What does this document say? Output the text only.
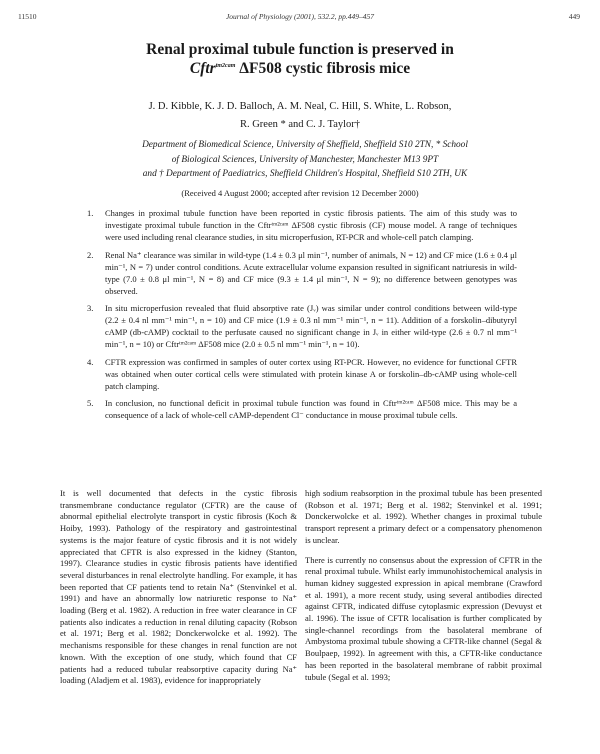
11510	Journal of Physiology (2001), 532.2, pp.449–457	449
Renal proximal tubule function is preserved in
Cftr$^{tm2cam}$ ΔF508 cystic fibrosis mice
J. D. Kibble, K. J. D. Balloch, A. M. Neal, C. Hill, S. White, L. Robson,
R. Green * and C. J. Taylor†
Department of Biomedical Science, University of Sheffield, Sheffield S10 2TN, * School
of Biological Sciences, University of Manchester, Manchester M13 9PT
and † Department of Paediatrics, Sheffield Children's Hospital, Sheffield S10 2TH, UK
(Received 4 August 2000; accepted after revision 12 December 2000)
1. Changes in proximal tubule function have been reported in cystic fibrosis patients. The aim of this study was to investigate proximal tubule function in the Cftrᵗᵐ²ᶜᵃᵐ ΔF508 cystic fibrosis (CF) mouse model. A range of techniques were used including renal clearance studies, in situ microperfusion, RT-PCR and whole-cell patch clamping.
2. Renal Na⁺ clearance was similar in wild-type (1.4 ± 0.3 μl min⁻¹, number of animals, N = 12) and CF mice (1.6 ± 0.4 μl min⁻¹, N = 7) under control conditions. Acute extracellular volume expansion resulted in significant natriuresis in wild-type (7.0 ± 0.8 μl min⁻¹, N = 8) and CF mice (9.3 ± 1.4 μl min⁻¹, N = 9); no difference between genotypes was observed.
3. In situ microperfusion revealed that fluid absorptive rate (Jᵥ) was similar under control conditions between wild-type (2.2 ± 0.4 nl mm⁻¹ min⁻¹, n = 10) and CF mice (1.9 ± 0.3 nl mm⁻¹ min⁻¹, n = 11). Addition of a forskolin–dibutyryl cAMP (db-cAMP) cocktail to the perfusate caused no significant change in Jᵥ in either wild-type (2.6 ± 0.7 nl mm⁻¹ min⁻¹, n = 10) or Cftrᵗᵐ²ᶜᵃᵐ ΔF508 mice (2.0 ± 0.5 nl mm⁻¹ min⁻¹, n = 10).
4. CFTR expression was confirmed in samples of outer cortex using RT-PCR. However, no evidence for functional CFTR was obtained when outer cortical cells were stimulated with protein kinase A or forskolin–db-cAMP using whole-cell patch clamping.
5. In conclusion, no functional deficit in proximal tubule function was found in Cftrᵗᵐ²ᶜᵃᵐ ΔF508 mice. This may be a consequence of a lack of whole-cell cAMP-dependent Cl⁻ conductance in mouse proximal tubule cells.

It is well documented that defects in the cystic fibrosis transmembrane conductance regulator (CFTR) are the cause of abnormal epithelial electrolyte transport in cystic fibrosis (Koch & Hoiby, 1993). Pathology of the respiratory and gastrointestinal systems is the major feature of cystic fibrosis and it is not widely appreciated that CFTR is also expressed in the kidney (Stanton, 1997). Clearance studies in cystic fibrosis patients have identified several disturbances in renal electrolyte handling. For example, it has been reported that CF patients tend to retain Na⁺ (Stenvinkel et al. 1991) and have an abnormally low natriuretic response to Na⁺ loading (Berg et al. 1982). A reduction in free water clearance in CF patients also indicates a reduction in renal diluting capacity (Robson et al. 1971; Berg et al. 1982; Donckerwolcke et al. 1992). The mechanisms responsible for these changes in renal function are not known. With the exception of one study, which found that CF patients had a reduced tubular reabsorptive capacity during Na⁺ loading (Aladjem et al. 1983), evidence for inappropriately

high sodium reabsorption in the proximal tubule has been presented (Robson et al. 1971; Berg et al. 1982; Stenvinkel et al. 1991; Donckerwolcke et al. 1992). Whether changes in proximal tubule transport represent a primary defect or a compensatory phenomenon is unclear.

There is currently no consensus about the expression of CFTR in the renal proximal tubule. Whilst early immunohistochemical analysis in human kidney suggested expression in apical membrane (Crawford et al. 1991), a more recent study, using several antibodies directed against CFTR, indicated diffuse cytoplasmic expression (Devuyst et al. 1996). The issue of CFTR localisation is further complicated by single-channel recordings from the basolateral membrane of Ambystoma proximal tubule showing a CFTR-like channel (Segal & Boulpaep, 1992). In agreement with this, a CFTR-like conductance has been reported in the basolateral membrane of rabbit proximal tubule (Segal et al. 1993;
